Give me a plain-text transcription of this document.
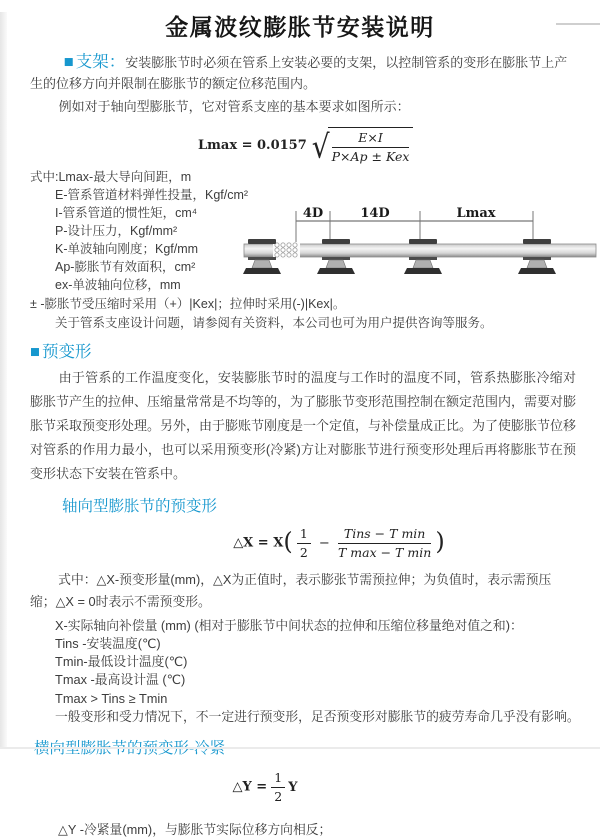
金属波纹膨胀节安装说明

■ 支架：安装膨胀节时必须在管系上安装必要的支架，以控制管系的变形在膨胀节上产生的位移方向并限制在膨胀节的额定位移范围内。

例如对于轴向型膨胀节，它对管系支座的基本要求如图所示：

Lmax = 0.0157 √ $\frac{E\times I}{\text{P×Ap ± Kex}}$
式中:Lmax-最大导向间距，m
E-管系管道材料弹性投量，Kgf/cm²
I-管系管道的惯性矩，cm⁴
P-设计压力，Kgf/mm²
K-单波轴向刚度；Kgf/mm
Ap-膨胀节有效面积，cm²
ex-单波轴向位移，mm

± -膨胀节受压缩时采用（+）|Kex|；拉伸时采用(-)|Kex|。

关于管系支座设计问题，请参阅有关资料，本公司也可为用户提供咨询等服务。

4D	14D	Lmax
■ 预变形

由于管系的工作温度变化，安装膨胀节时的温度与工作时的温度不同，管系热膨胀冷缩对膨胀节产生的拉伸、压缩量常常是不均等的，为了膨胀节变形范围控制在额定范围内，需要对膨胀节采取预变形处理。另外，由于膨账节刚度是一个定值，与补偿量成正比。为了使膨胀节位移对管系的作用力最小，也可以采用预变形(冷紧)方让对膨胀节进行预变形处理后再将膨胀节在预变形状态下安装在管系中。

轴向型膨胀节的预变形
△X = $X( \frac{1}{2} - \frac{\text{Tins − T min}}{\text{T max − T min}}$ )

式中：△X-预变形量(mm)，△X为正值时，表示膨张节需预拉伸；为负值时，表示需预压缩；△X = 0时表示不需预变形。

X-实际轴向补偿量 (mm) (相对于膨胀节中间状态的拉伸和压缩位移量绝对值之和)：
Tins -安装温度(℃)
Tmin-最低设计温度(℃)
Tmax -最高设计温 (℃)
Tmax > Tins ≥ Tmin
一般变形和受力情况下，不一定进行预变形，足否预变形对膨胀节的疲劳寿命几乎没有影响。
△Y = $\frac{1}{2}$ Y

△Y -冷紧量(mm)，与膨胀节实际位移方向相反；
